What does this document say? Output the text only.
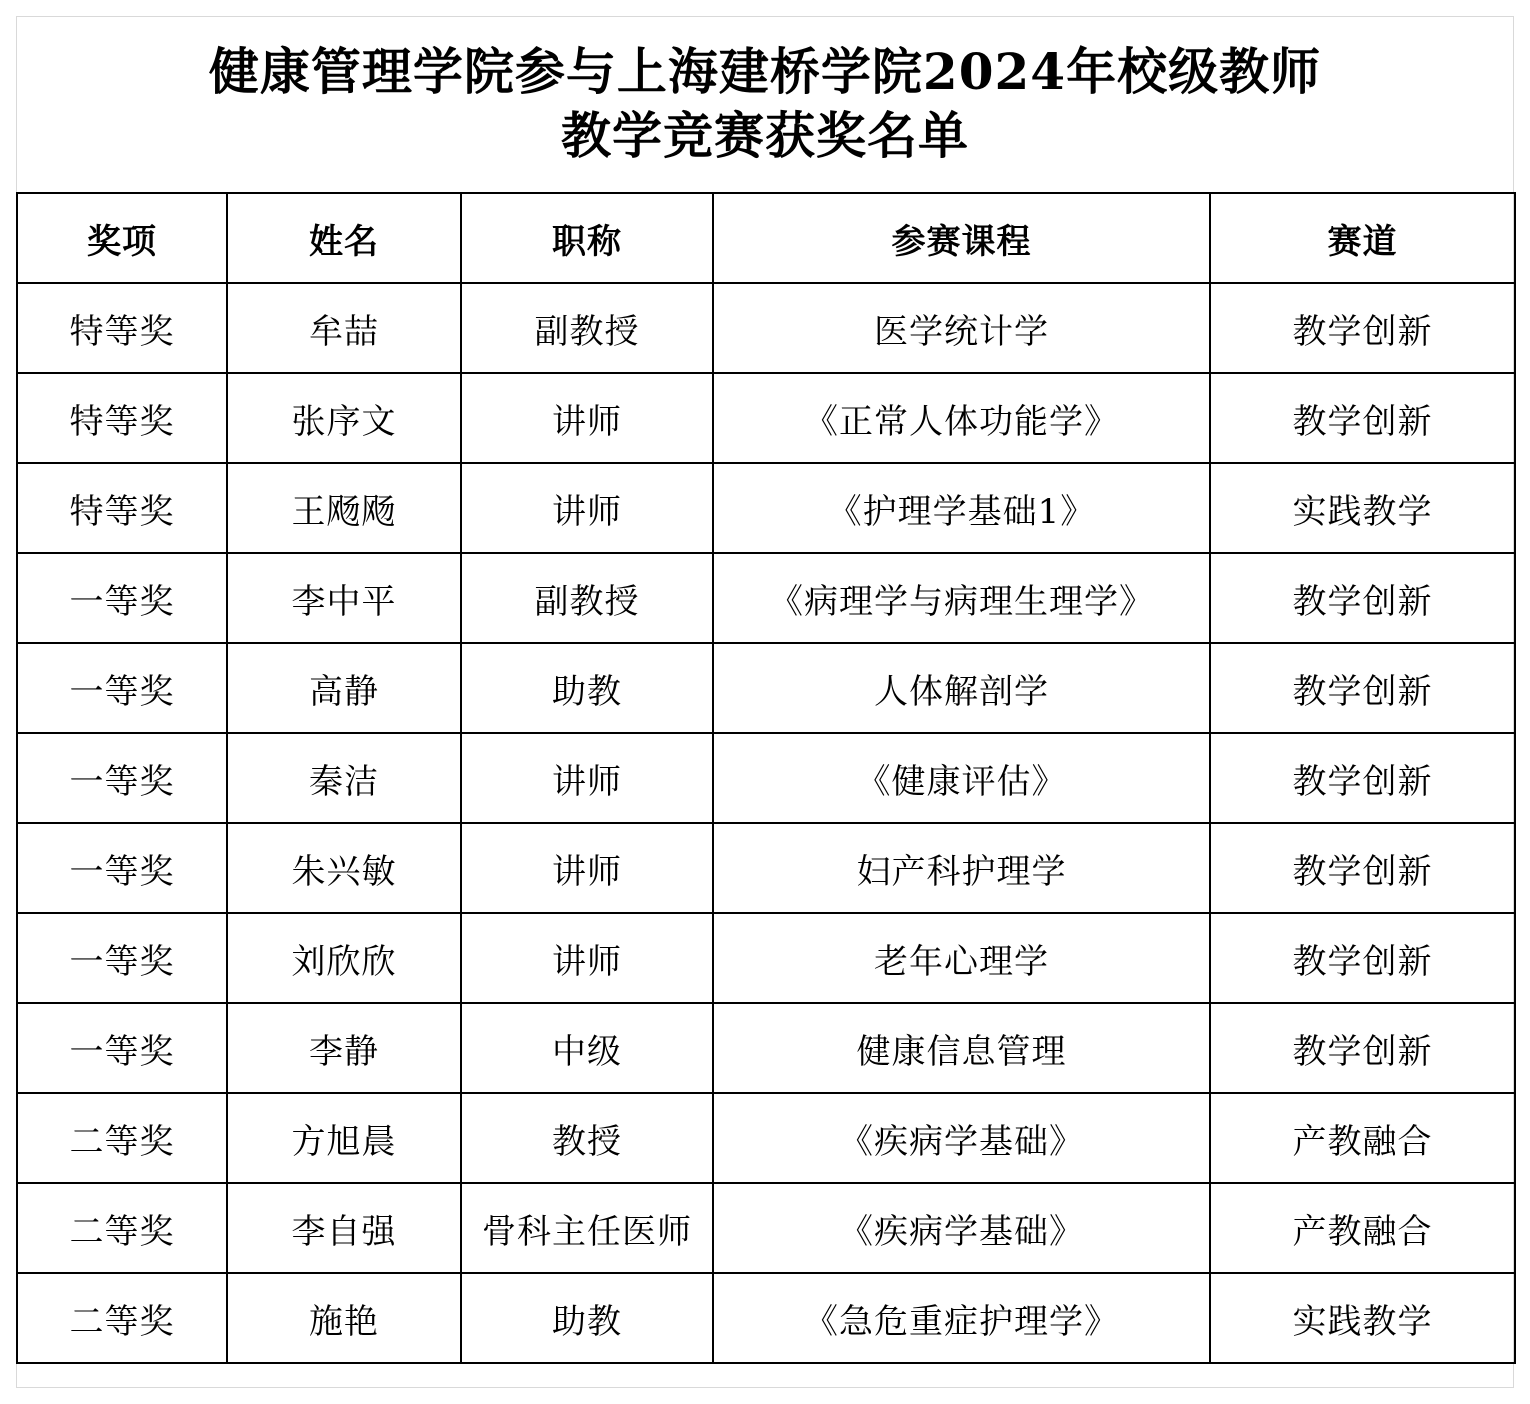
健康管理学院参与上海建桥学院2024年校级教师
教学竞赛获奖名单
奖项	姓名	职称	参赛课程	赛道
特等奖	牟喆	副教授	医学统计学	教学创新
特等奖	张序文	讲师	《正常人体功能学》	教学创新
特等奖	王飏飏	讲师	《护理学基础1》	实践教学
一等奖	李中平	副教授	《病理学与病理生理学》	教学创新
一等奖	高静	助教	人体解剖学	教学创新
一等奖	秦洁	讲师	《健康评估》	教学创新
一等奖	朱兴敏	讲师	妇产科护理学	教学创新
一等奖	刘欣欣	讲师	老年心理学	教学创新
一等奖	李静	中级	健康信息管理	教学创新
二等奖	方旭晨	教授	《疾病学基础》	产教融合
二等奖	李自强	骨科主任医师	《疾病学基础》	产教融合
二等奖	施艳	助教	《急危重症护理学》	实践教学
